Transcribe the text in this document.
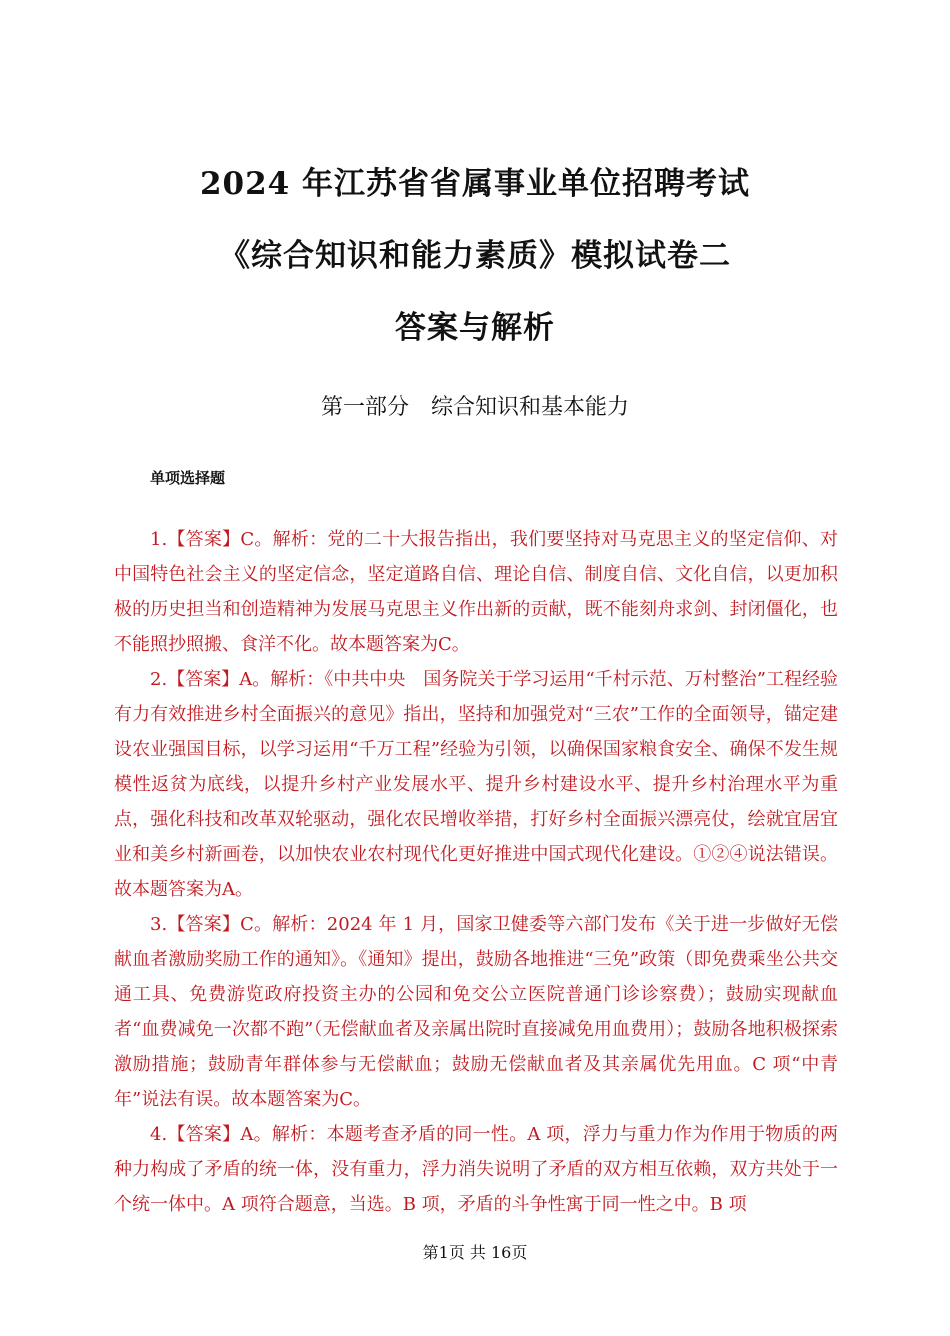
2024 年江苏省省属事业单位招聘考试
《综合知识和能力素质》模拟试卷二
答案与解析
第一部分　综合知识和基本能力
单项选择题

1.【答案】C。解析：党的二十大报告指出，我们要坚持对马克思主义的坚定信仰、对中国特色社会主义的坚定信念，坚定道路自信、理论自信、制度自信、文化自信，以更加积极的历史担当和创造精神为发展马克思主义作出新的贡献，既不能刻舟求剑、封闭僵化，也不能照抄照搬、食洋不化。故本题答案为C。

2.【答案】A。解析：《中共中央　国务院关于学习运用“千村示范、万村整治”工程经验有力有效推进乡村全面振兴的意见》指出，坚持和加强党对“三农”工作的全面领导，锚定建设农业强国目标，以学习运用“千万工程”经验为引领，以确保国家粮食安全、确保不发生规模性返贫为底线，以提升乡村产业发展水平、提升乡村建设水平、提升乡村治理水平为重点，强化科技和改革双轮驱动，强化农民增收举措，打好乡村全面振兴漂亮仗，绘就宜居宜业和美乡村新画卷，以加快农业农村现代化更好推进中国式现代化建设。①②④说法错误。故本题答案为A。

3.【答案】C。解析：2024 年 1 月，国家卫健委等六部门发布《关于进一步做好无偿献血者激励奖励工作的通知》。《通知》提出，鼓励各地推进“三免”政策（即免费乘坐公共交通工具、免费游览政府投资主办的公园和免交公立医院普通门诊诊察费）；鼓励实现献血者“血费减免一次都不跑”（无偿献血者及亲属出院时直接减免用血费用）；鼓励各地积极探索激励措施；鼓励青年群体参与无偿献血；鼓励无偿献血者及其亲属优先用血。C 项“中青年”说法有误。故本题答案为C。

4.【答案】A。解析：本题考查矛盾的同一性。A 项，浮力与重力作为作用于物质的两种力构成了矛盾的统一体，没有重力，浮力消失说明了矛盾的双方相互依赖，双方共处于一个统一体中。A 项符合题意，当选。B 项，矛盾的斗争性寓于同一性之中。B 项

第1页 共 16页
